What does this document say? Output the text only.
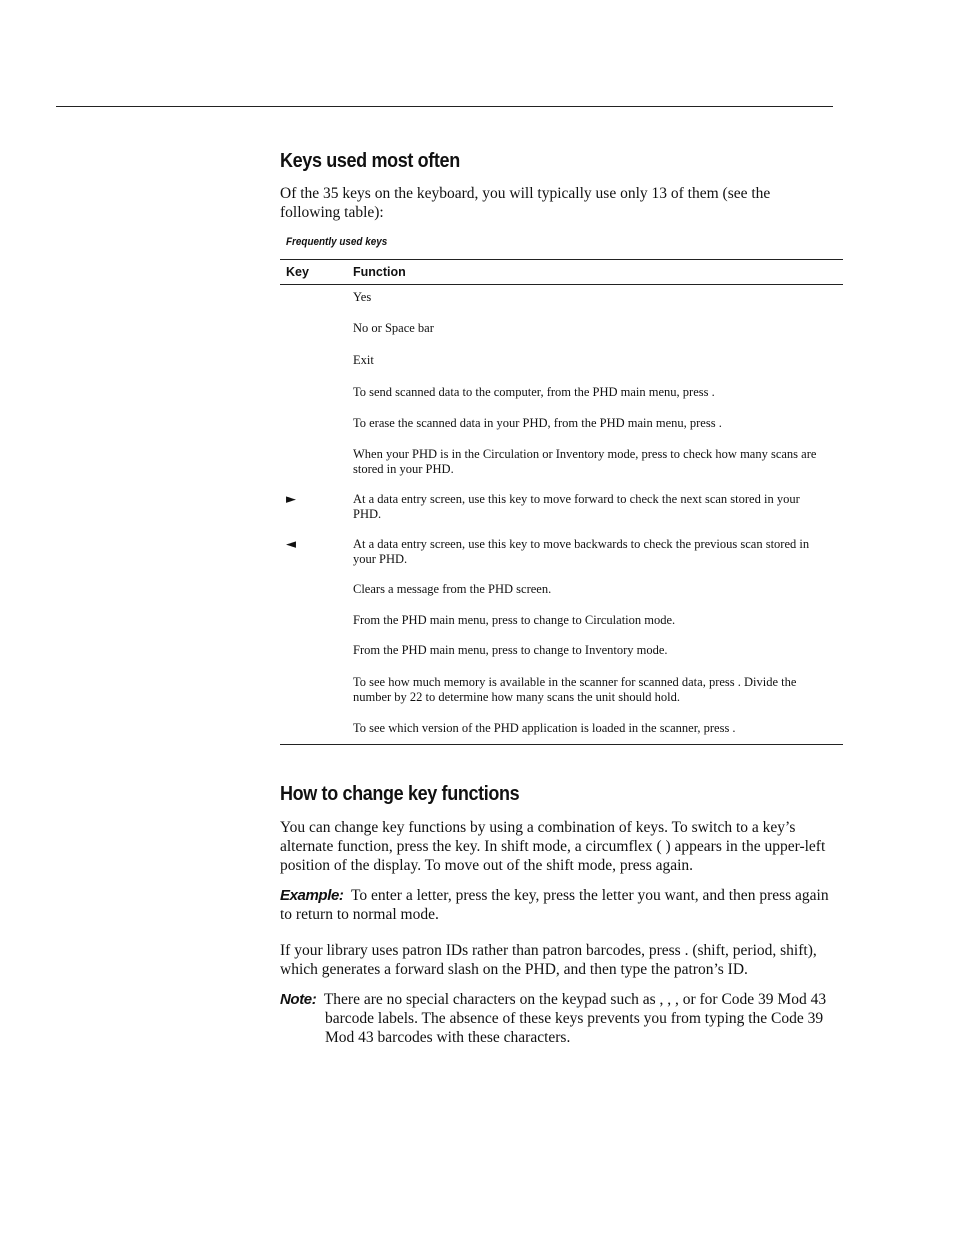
Keys used most often

Of the 35 keys on the keyboard, you will typically use only 13 of them (see the following table):

Frequently used keys

Key	Function
	Yes
	No or Space bar
	Exit
	To send scanned data to the computer, from the PHD main menu, press .
	To erase the scanned data in your PHD, from the PHD main menu, press .
	When your PHD is in the Circulation or Inventory mode, press to check how many scans are stored in your PHD.
►	At a data entry screen, use this key to move forward to check the next scan stored in your PHD.
◄	At a data entry screen, use this key to move backwards to check the previous scan stored in your PHD.
	Clears a message from the PHD screen.
	From the PHD main menu, press to change to Circulation mode.
	From the PHD main menu, press to change to Inventory mode.
	To see how much memory is available in the scanner for scanned data, press . Divide the number by 22 to determine how many scans the unit should hold.
	To see which version of the PHD application is loaded in the scanner, press .
How to change key functions

You can change key functions by using a combination of keys. To switch to a key’s alternate function, press the key. In shift mode, a circumflex ( ) appears in the upper-left position of the display. To move out of the shift mode, press again.

Example: To enter a letter, press the key, press the letter you want, and then press again to return to normal mode.

If your library uses patron IDs rather than patron barcodes, press . (shift, period, shift), which generates a forward slash on the PHD, and then type the patron’s ID.

Note: There are no special characters on the keypad such as , , , or for Code 39 Mod 43 barcode labels. The absence of these keys prevents you from typing the Code 39 Mod 43 barcodes with these characters.
